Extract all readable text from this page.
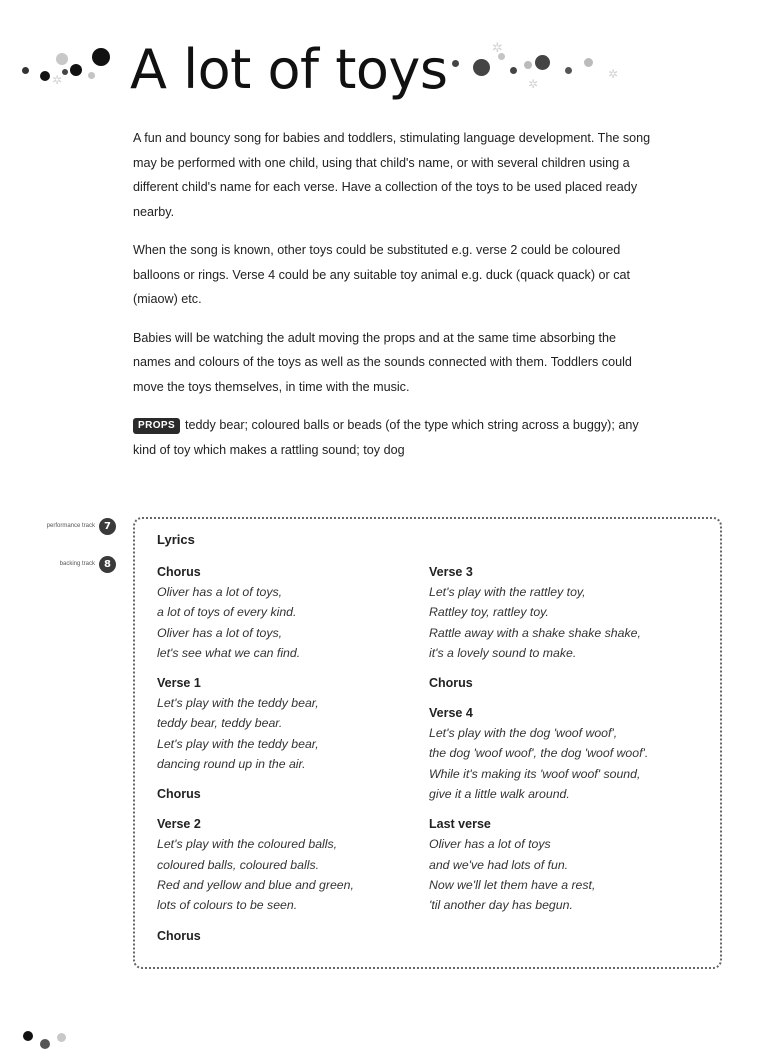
✲ A lot of toys	✲
✲
✲

A fun and bouncy song for babies and toddlers, stimulating language development. The song may be performed with one child, using that child's name, or with several children using a different child's name for each verse. Have a collection of the toys to be used placed ready nearby.

When the song is known, other toys could be substituted e.g. verse 2 could be coloured balloons or rings. Verse 4 could be any suitable toy animal e.g. duck (quack quack) or cat (miaow) etc.

Babies will be watching the adult moving the props and at the same time absorbing the names and colours of the toys as well as the sounds connected with them. Toddlers could move the toys themselves, in time with the music.

PROPS teddy bear; coloured balls or beads (of the type which string across a buggy); any kind of toy which makes a rattling sound; toy dog

performance track 7
backing track 8
Lyrics
Chorus
Oliver has a lot of toys,
a lot of toys of every kind.
Oliver has a lot of toys,
let's see what we can find.
Verse 1
Let's play with the teddy bear,
teddy bear, teddy bear.
Let's play with the teddy bear,
dancing round up in the air.
Chorus
Verse 2
Let's play with the coloured balls,
coloured balls, coloured balls.
Red and yellow and blue and green,
lots of colours to be seen.
Chorus
Verse 3
Let's play with the rattley toy,
Rattley toy, rattley toy.
Rattle away with a shake shake shake,
it's a lovely sound to make.
Chorus
Verse 4
Let's play with the dog 'woof woof',
the dog 'woof woof', the dog 'woof woof'.
While it's making its 'woof woof' sound,
give it a little walk around.
Last verse
Oliver has a lot of toys
and we've had lots of fun.
Now we'll let them have a rest,
'til another day has begun.
